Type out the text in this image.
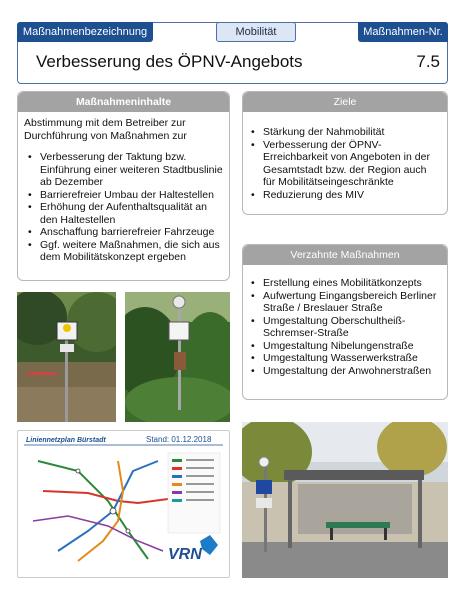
Maßnahmenbezeichnung	Mobilität	Maßnahmen-Nr.
Verbesserung des ÖPNV-Angebots	7.5
Maßnahmeninhalte
Abstimmung mit dem Betreiber zur Durchführung von Maßnahmen zur
• Verbesserung der Taktung bzw. Einführung einer weiteren Stadtbuslinie ab Dezember
• Barrierefreier Umbau der Haltestellen
• Erhöhung der Aufenthaltsqualität an den Haltestellen
• Anschaffung barrierefreier Fahrzeuge
• Ggf. weitere Maßnahmen, die sich aus dem Mobilitätskonzept ergeben
Ziele
• Stärkung der Nahmobilität
• Verbesserung der ÖPNV-Erreichbarkeit von Angeboten in der Gesamtstadt bzw. der Region auch für Mobilitätseingeschränkte
• Reduzierung des MIV
Verzahnte Maßnahmen
• Erstellung eines Mobilitätkonzepts
• Aufwertung Eingangsbereich Berliner Straße / Breslauer Straße
• Umgestaltung Oberschultheiß-Schremser-Straße
• Umgestaltung Nibelungenstraße
• Umgestaltung Wasserwerkstraße
• Umgestaltung der Anwohnerstraßen
Liniennetzplan Bürstadt	Stand: 01.12.2018
VRN
